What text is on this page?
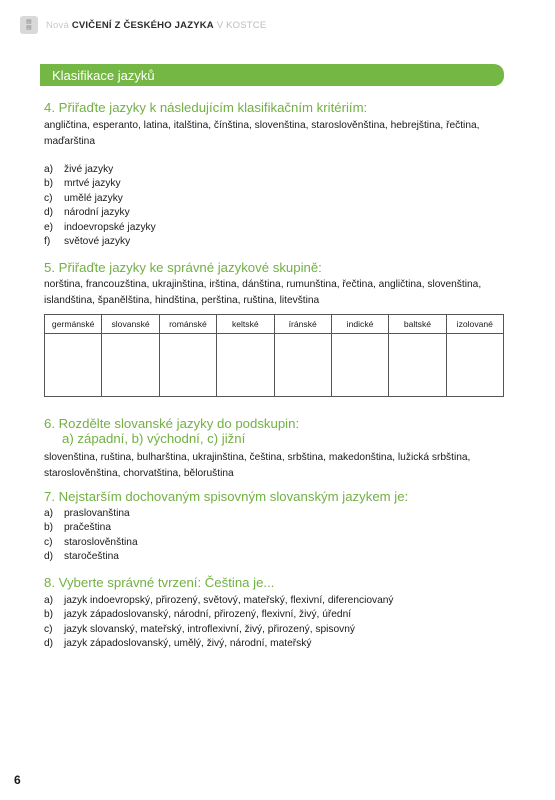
▤
▤ Nová CVIČENÍ Z ČESKÉHO JAZYKA V KOSTCE
Klasifikace jazyků
4. Přiřaďte jazyky k následujícím klasifikačním kritériím:
angličtina, esperanto, latina, italština, čínština, slovenština, staroslověnština, hebrejština, řečtina, maďarština
a)	živé jazyky
b)	mrtvé jazyky
c)	umělé jazyky
d)	národní jazyky
e)	indoevropské jazyky
f)	světové jazyky
5. Přiřaďte jazyky ke správné jazykové skupině:
norština, francouzština, ukrajinština, irština, dánština, rumunština, řečtina, angličtina, slovenština, islandština, španělština, hindština, perština, ruština, litevština
germánské	slovanské	románské	keltské	íránské	indické	baltské	izolované

6. Rozdělte slovanské jazyky do podskupin:
a) západní, b) východní, c) jižní
slovenština, ruština, bulharština, ukrajinština, čeština, srbština, makedonština, lužická srbština, staroslověnština, chorvatština, běloruština
7. Nejstarším dochovaným spisovným slovanským jazykem je:
a)	praslovanština
b)	pračeština
c)	staroslověnština
d)	staročeština
8. Vyberte správné tvrzení: Čeština je...
a)	jazyk indoevropský, přirozený, světový, mateřský, flexivní, diferenciovaný
b)	jazyk západoslovanský, národní, přirozený, flexivní, živý, úřední
c)	jazyk slovanský, mateřský, introflexivní, živý, přirozený, spisovný
d)	jazyk západoslovanský, umělý, živý, národní, mateřský
6
